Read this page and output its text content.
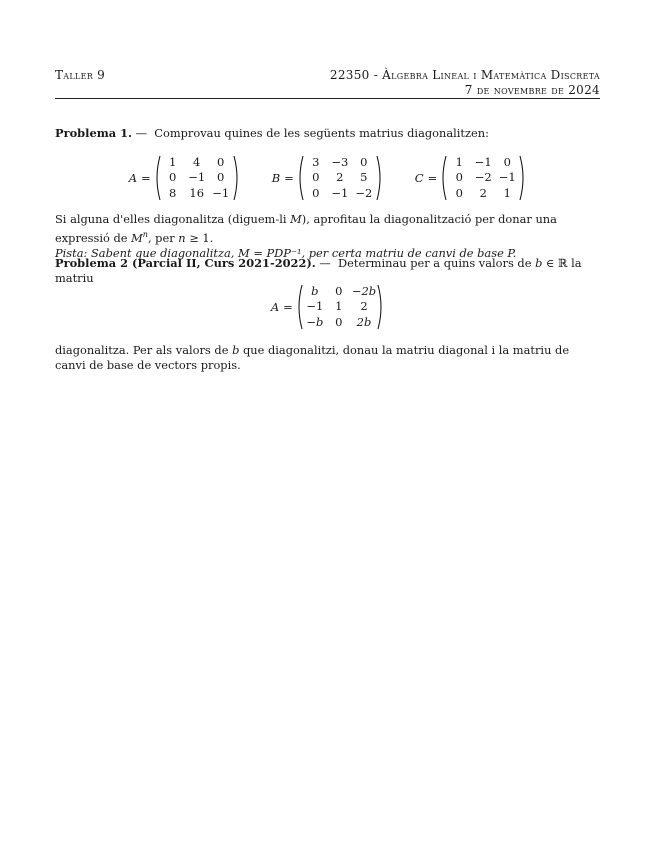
Taller 9	22350 - Àlgebra Lineal i Matemàtica Discreta
7 de novembre de 2024
Problema 1. — Comprovau quines de les següents matrius diagonalitzen:
A =
1	4	0
0	−1	0
8	16 −1
B =
3	−3	0
0	2	5
0	−1 −2
C =
1	−1	0
0	−2 −1
0	2	1
Si alguna d'elles diagonalitza (diguem-li M), aprofitau la diagonalització per donar una expressió de $M^n$, per n ≥ 1.
Pista: Sabent que diagonalitza, M = PDP⁻¹, per certa matriu de canvi de base P.
Problema 2 (Parcial II, Curs 2021-2022). — Determinau per a quins valors de b ∈ ℝ la matriu
A =
b	0 −2b
−1	1	2
−b	0	2b
diagonalitza. Per als valors de b que diagonalitzi, donau la matriu diagonal i la matriu de canvi de base de vectors propis.
